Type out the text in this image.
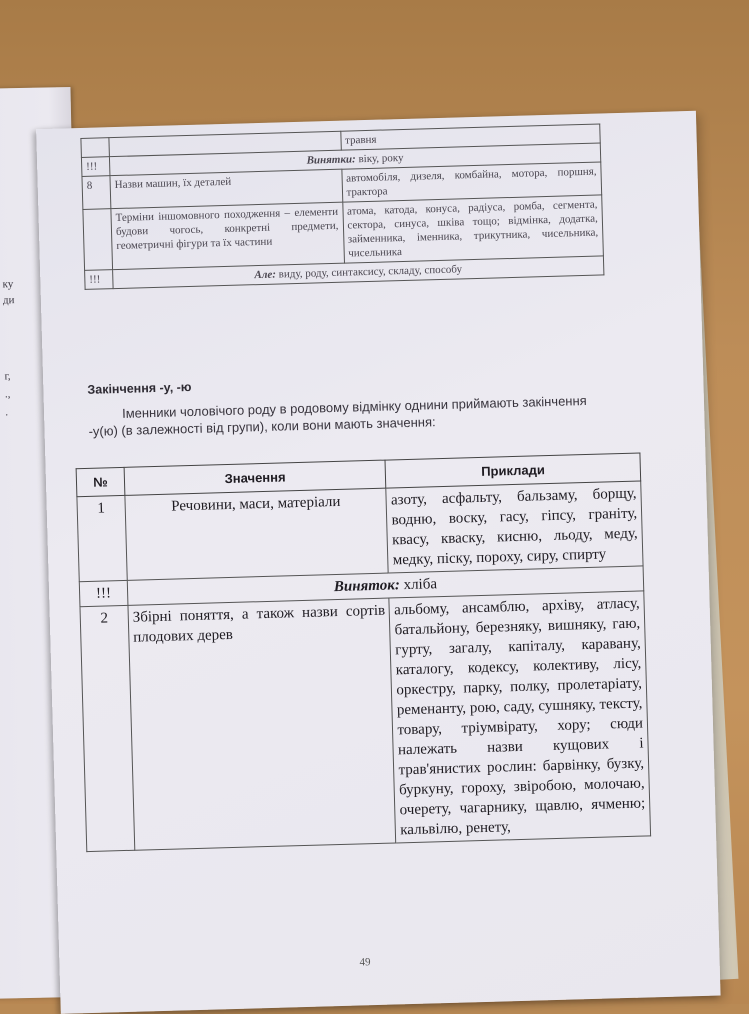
ку
ди
г,
.,
.
		травня
!!!	Винятки: віку, року	
8	Назви машин, їх деталей	автомобіля, дизеля, комбайна, мотора, поршня, трактора
	Терміни іншомовного походження – елементи будови чогось, конкретні предмети, геометричні фігури та їх частини	атома, катода, конуса, радіуса, ромба, сегмента, сектора, синуса, шківа тощо; відмінка, додатка, займенника, іменника, трикутника, чисельника, чисельника
!!!	Але: виду, роду, синтаксису, складу, способу	
Закінчення -у, -ю
Іменники чоловічого роду в родовому відмінку однини приймають закінчення -у(ю) (в залежності від групи), коли вони мають значення:
№	Значення	Приклади
1	Речовини, маси, матеріали	азоту, асфальту, бальзаму, борщу, водню, воску, гасу, гіпсу, граніту, квасу, кваску, кисню, льоду, меду, медку, піску, пороху, сиру, спирту
!!!	Виняток: хліба	
2	Збірні поняття, а також назви сортів плодових дерев	альбому, ансамблю, архіву, атласу, батальйону, березняку, вишняку, гаю, гурту, загалу, капіталу, каравану, каталогу, кодексу, колективу, лісу, оркестру, парку, полку, пролетаріату, ременанту, рою, саду, сушняку, тексту, товару, тріумвірату, хору; сюди належать назви кущових і трав'янистих рослин: барвінку, бузку, буркуну, гороху, звіробою, молочаю, очерету, чагарнику, щавлю, ячменю; кальвілю, ренету,
49
